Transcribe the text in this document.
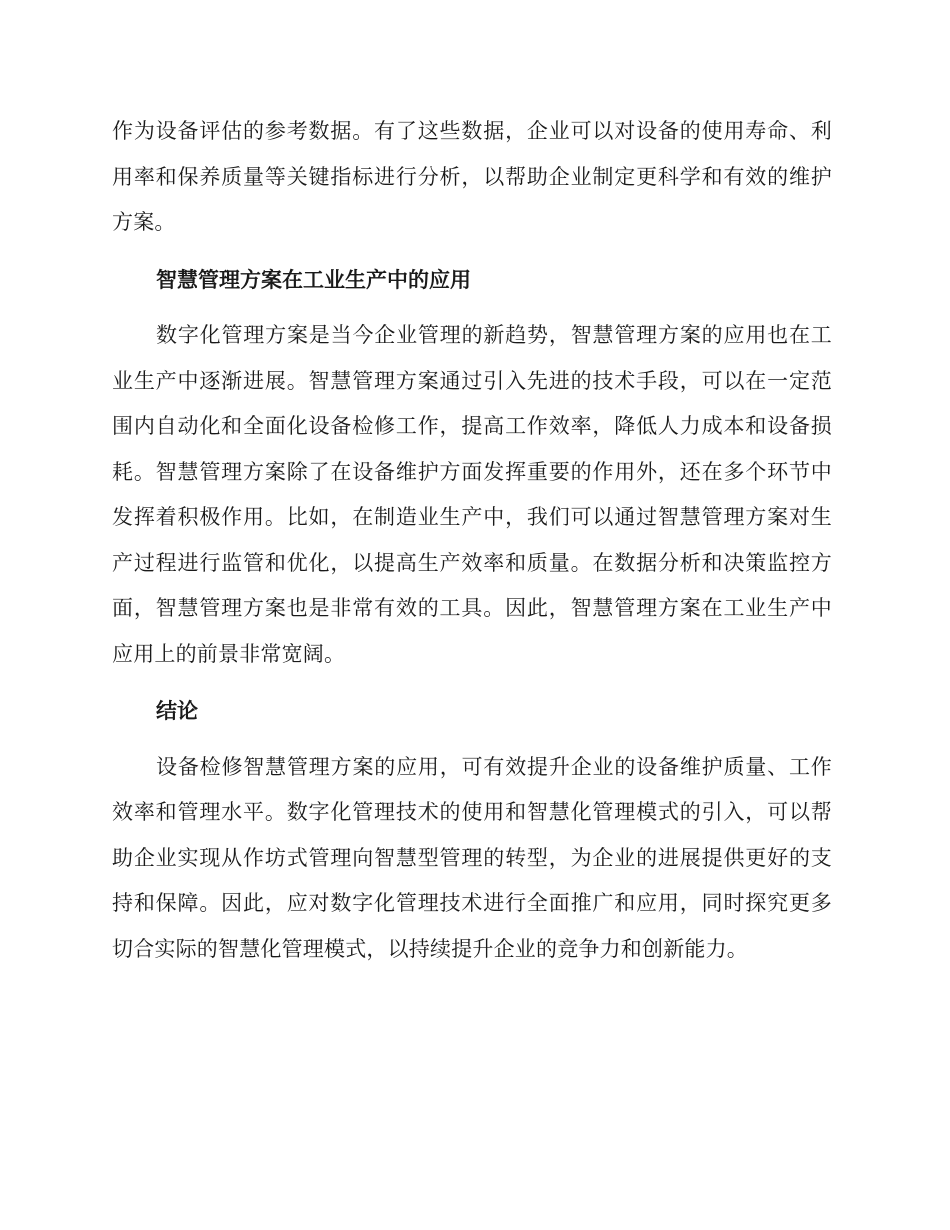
作为设备评估的参考数据。有了这些数据，企业可以对设备的使用寿命、利用率和保养质量等关键指标进行分析，以帮助企业制定更科学和有效的维护方案。

智慧管理方案在工业生产中的应用

数字化管理方案是当今企业管理的新趋势，智慧管理方案的应用也在工业生产中逐渐进展。智慧管理方案通过引入先进的技术手段，可以在一定范围内自动化和全面化设备检修工作，提高工作效率，降低人力成本和设备损耗。智慧管理方案除了在设备维护方面发挥重要的作用外，还在多个环节中发挥着积极作用。比如，在制造业生产中，我们可以通过智慧管理方案对生产过程进行监管和优化，以提高生产效率和质量。在数据分析和决策监控方面，智慧管理方案也是非常有效的工具。因此，智慧管理方案在工业生产中应用上的前景非常宽阔。

结论

设备检修智慧管理方案的应用，可有效提升企业的设备维护质量、工作效率和管理水平。数字化管理技术的使用和智慧化管理模式的引入，可以帮助企业实现从作坊式管理向智慧型管理的转型，为企业的进展提供更好的支持和保障。因此，应对数字化管理技术进行全面推广和应用，同时探究更多切合实际的智慧化管理模式，以持续提升企业的竞争力和创新能力。
